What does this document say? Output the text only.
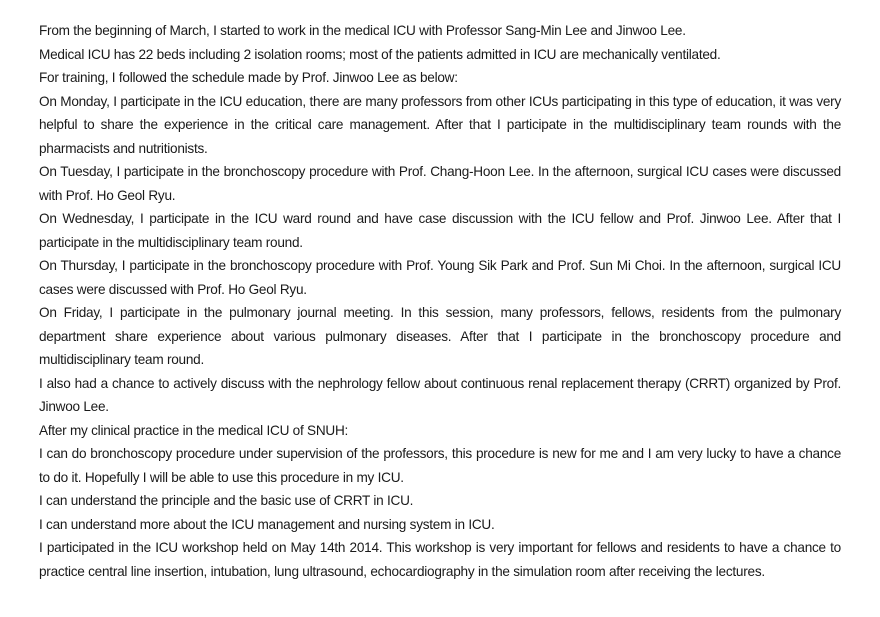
From the beginning of March, I started to work in the medical ICU with Professor Sang-Min Lee and Jinwoo Lee.

Medical ICU has 22 beds including 2 isolation rooms; most of the patients admitted in ICU are mechanically ventilated.

For training, I followed the schedule made by Prof. Jinwoo Lee as below:

On Monday, I participate in the ICU education, there are many professors from other ICUs participating in this type of education, it was very helpful to share the experience in the critical care management. After that I participate in the multidisciplinary team rounds with the pharmacists and nutritionists.

On Tuesday, I participate in the bronchoscopy procedure with Prof. Chang-Hoon Lee. In the afternoon, surgical ICU cases were discussed with Prof. Ho Geol Ryu.

On Wednesday, I participate in the ICU ward round and have case discussion with the ICU fellow and Prof. Jinwoo Lee. After that I participate in the multidisciplinary team round.

On Thursday, I participate in the bronchoscopy procedure with Prof. Young Sik Park and Prof. Sun Mi Choi. In the afternoon, surgical ICU cases were discussed with Prof. Ho Geol Ryu.

On Friday, I participate in the pulmonary journal meeting. In this session, many professors, fellows, residents from the pulmonary department share experience about various pulmonary diseases. After that I participate in the bronchoscopy procedure and multidisciplinary team round.

I also had a chance to actively discuss with the nephrology fellow about continuous renal replacement therapy (CRRT) organized by Prof. Jinwoo Lee.

After my clinical practice in the medical ICU of SNUH:

I can do bronchoscopy procedure under supervision of the professors, this procedure is new for me and I am very lucky to have a chance to do it. Hopefully I will be able to use this procedure in my ICU.

I can understand the principle and the basic use of CRRT in ICU.

I can understand more about the ICU management and nursing system in ICU.

I participated in the ICU workshop held on May 14th 2014. This workshop is very important for fellows and residents to have a chance to practice central line insertion, intubation, lung ultrasound, echocardiography in the simulation room after receiving the lectures.
